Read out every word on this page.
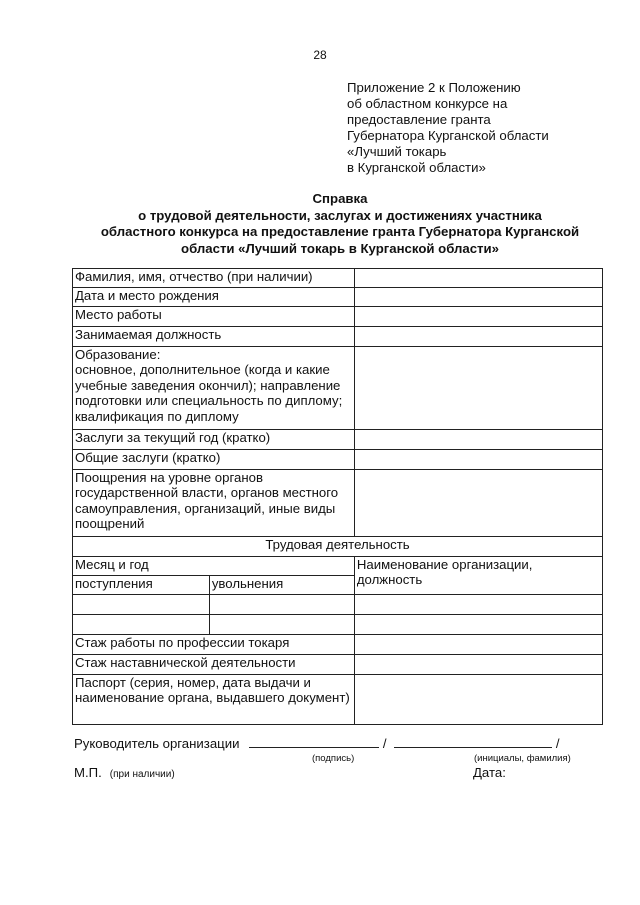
28
Приложение 2 к Положению
об областном конкурсе на
предоставление гранта
Губернатора Курганской области
«Лучший токарь
в Курганской области»
Справка
о трудовой деятельности, заслугах и достижениях участника
областного конкурса на предоставление гранта Губернатора Курганской
области «Лучший токарь в Курганской области»
Фамилия, имя, отчество (при наличии)		
Дата и место рождения		
Место работы		
Занимаемая должность		
Образование:
основное, дополнительное (когда и какие учебные заведения окончил); направление подготовки или специальность по диплому; квалификация по диплому		
Заслуги за текущий год (кратко)		
Общие заслуги (кратко)		
Поощрения на уровне органов государственной власти, органов местного самоуправления, организаций, иные виды поощрений		
Трудовая деятельность		
Месяц и год		Наименование организации, должность
поступления	увольнения	

Стаж работы по профессии токаря		
Стаж наставнической деятельности		
Паспорт (серия, номер, дата выдачи и наименование органа, выдавшего документ)		
Руководитель организации	/	/
(подпись)	(инициалы, фамилия)
М.П. (при наличии)	Дата:
